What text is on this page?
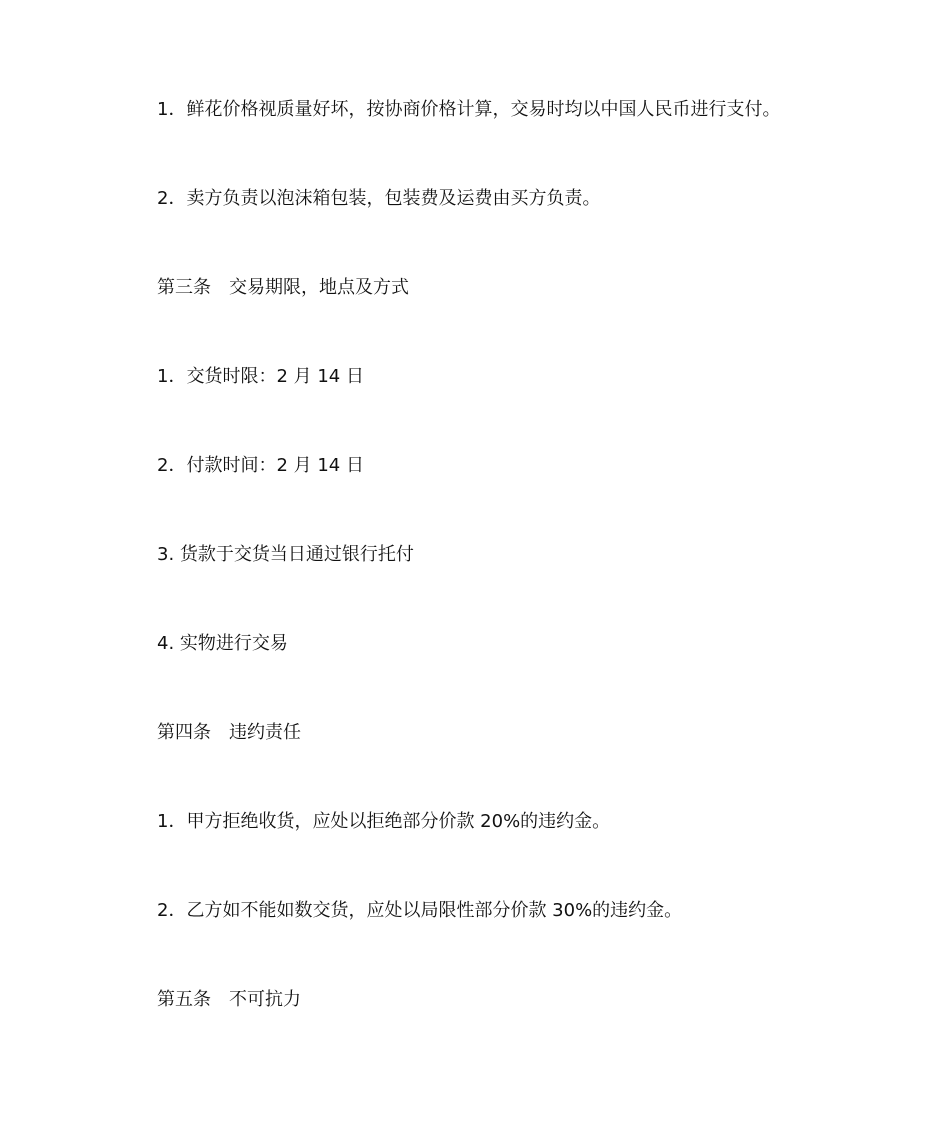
1．鲜花价格视质量好坏，按协商价格计算，交易时均以中国人民币进行支付。
2．卖方负责以泡沫箱包装，包装费及运费由买方负责。
第三条　交易期限，地点及方式
1．交货时限：2 月 14 日
2．付款时间：2 月 14 日
3. 货款于交货当日通过银行托付
4. 实物进行交易
第四条　违约责任
1．甲方拒绝收货，应处以拒绝部分价款 20%的违约金。
2．乙方如不能如数交货，应处以局限性部分价款 30%的违约金。
第五条　不可抗力
